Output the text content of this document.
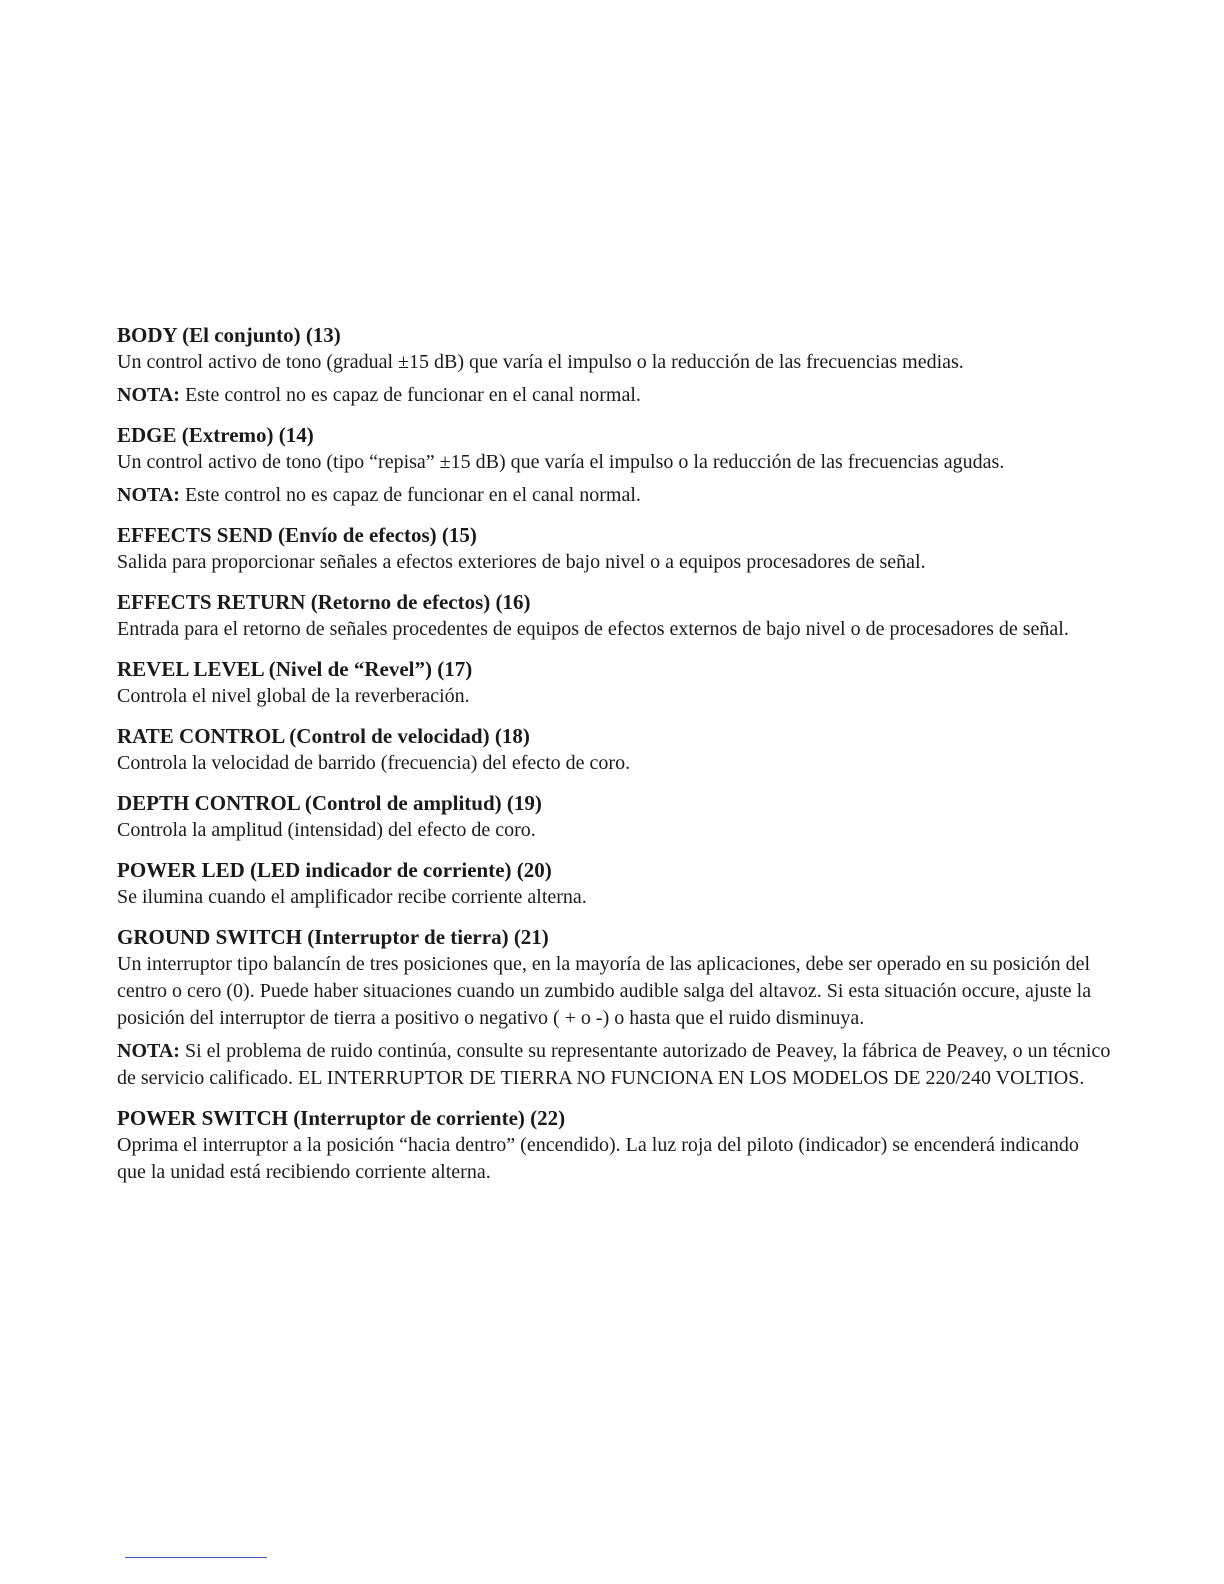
BODY (El conjunto) (13)

Un control activo de tono (gradual ±15 dB) que varía el impulso o la reducción de las frecuencias medias.

NOTA: Este control no es capaz de funcionar en el canal normal.

EDGE (Extremo) (14)

Un control activo de tono (tipo “repisa” ±15 dB) que varía el impulso o la reducción de las frecuencias agudas.

NOTA: Este control no es capaz de funcionar en el canal normal.

EFFECTS SEND (Envío de efectos) (15)

Salida para proporcionar señales a efectos exteriores de bajo nivel o a equipos procesadores de señal.

EFFECTS RETURN (Retorno de efectos) (16)

Entrada para el retorno de señales procedentes de equipos de efectos externos de bajo nivel o de procesadores de señal.

REVEL LEVEL (Nivel de “Revel”) (17)

Controla el nivel global de la reverberación.

RATE CONTROL (Control de velocidad) (18)

Controla la velocidad de barrido (frecuencia) del efecto de coro.

DEPTH CONTROL (Control de amplitud) (19)

Controla la amplitud (intensidad) del efecto de coro.

POWER LED (LED indicador de corriente) (20)

Se ilumina cuando el amplificador recibe corriente alterna.

GROUND SWITCH (Interruptor de tierra) (21)

Un interruptor tipo balancín de tres posiciones que, en la mayoría de las aplicaciones, debe ser operado en su posición del centro o cero (0). Puede haber situaciones cuando un zumbido audible salga del altavoz. Si esta situación occure, ajuste la posición del interruptor de tierra a positivo o negativo ( + o -) o hasta que el ruido disminuya.

NOTA: Si el problema de ruido continúa, consulte su representante autorizado de Peavey, la fábrica de Peavey, o un técnico de servicio calificado. EL INTERRUPTOR DE TIERRA NO FUNCIONA EN LOS MODELOS DE 220/240 VOLTIOS.

POWER SWITCH (Interruptor de corriente) (22)

Oprima el interruptor a la posición “hacia dentro” (encendido). La luz roja del piloto (indicador) se encenderá indicando que la unidad está recibiendo corriente alterna.
